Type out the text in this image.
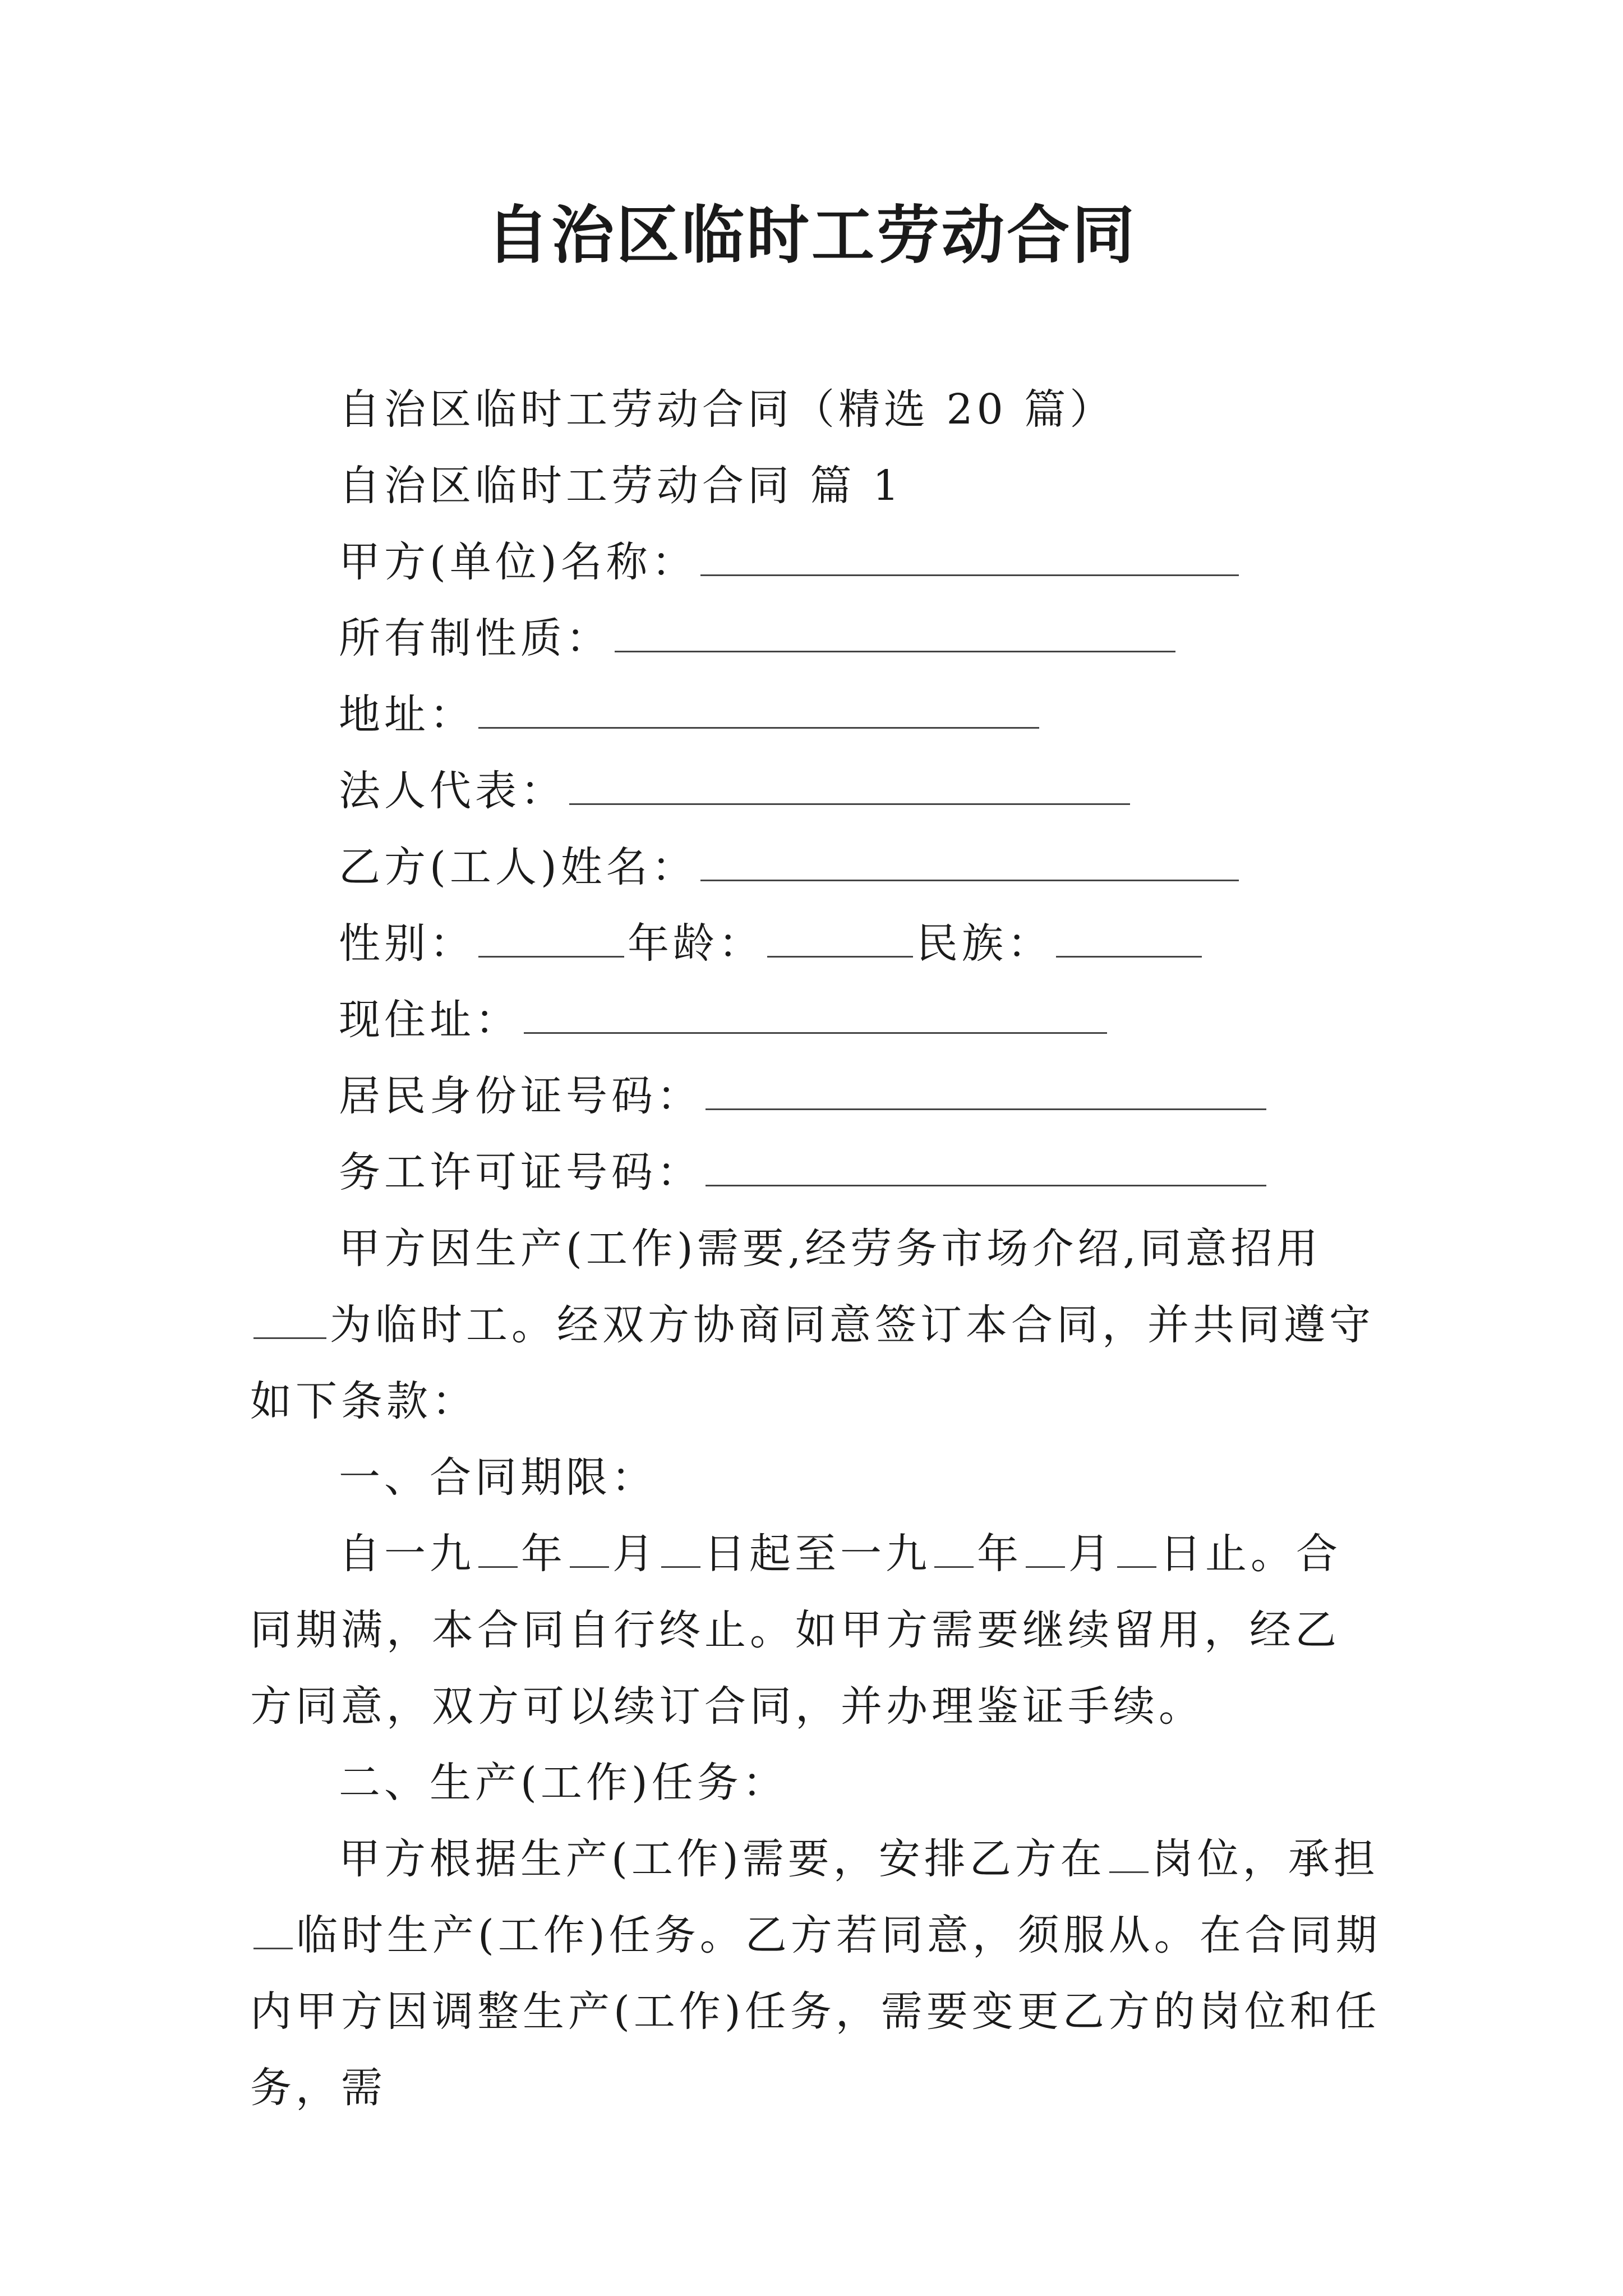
自治区临时工劳动合同
自治区临时工劳动合同（精选 20 篇）
自治区临时工劳动合同 篇 1
甲方(单位)名称：
所有制性质：
地址：
法人代表：
乙方(工人)姓名：
性别：	年龄：	民族：
现住址：
居民身份证号码：
务工许可证号码：
甲方因生产(工作)需要,经劳务市场介绍,同意招用为临时工。经双方协商同意签订本合同，并共同遵守如下条款：
一、合同期限：
自一九 年 月 日起至一九 年 月 日止。合同期满，本合同自行终止。如甲方需要继续留用，经乙方同意，双方可以续订合同，并办理鉴证手续。
二、生产(工作)任务：
甲方根据生产(工作)需要，安排乙方在 岗位，承担临时生产(工作)任务。乙方若同意，须服从。在合同期内甲方因调整生产(工作)任务，需要变更乙方的岗位和任务，需
